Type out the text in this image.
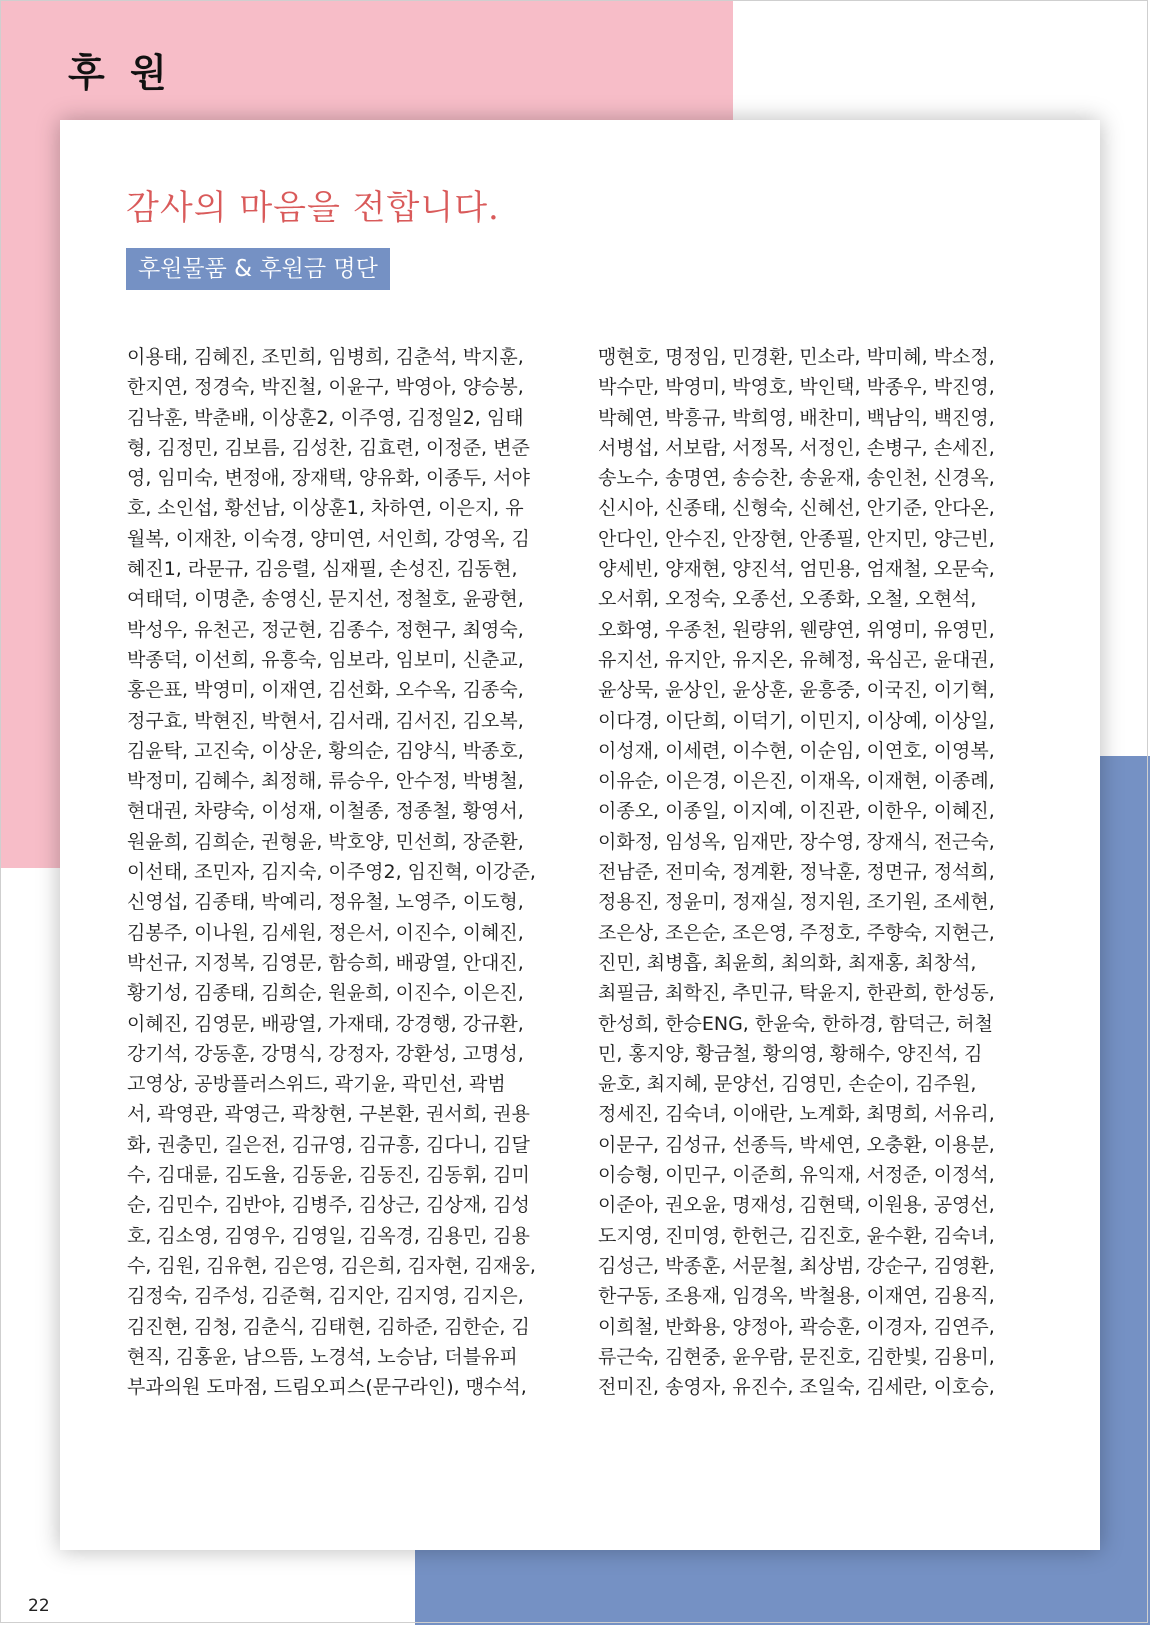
후 원
감사의 마음을 전합니다.
후원물품 & 후원금 명단
이용태, 김혜진, 조민희, 임병희, 김춘석, 박지훈,
한지연, 정경숙, 박진철, 이윤구, 박영아, 양승봉,
김낙훈, 박춘배, 이상훈2, 이주영, 김정일2, 임태
형, 김정민, 김보름, 김성찬, 김효련, 이정준, 변준
영, 임미숙, 변정애, 장재택, 양유화, 이종두, 서야
호, 소인섭, 황선남, 이상훈1, 차하연, 이은지, 유
월복, 이재찬, 이숙경, 양미연, 서인희, 강영옥, 김
혜진1, 라문규, 김응렬, 심재필, 손성진, 김동현,
여태덕, 이명춘, 송영신, 문지선, 정철호, 윤광현,
박성우, 유천곤, 정군현, 김종수, 정현구, 최영숙,
박종덕, 이선희, 유흥숙, 임보라, 임보미, 신춘교,
홍은표, 박영미, 이재연, 김선화, 오수옥, 김종숙,
정구효, 박현진, 박현서, 김서래, 김서진, 김오복,
김윤탁, 고진숙, 이상운, 황의순, 김양식, 박종호,
박정미, 김혜수, 최정해, 류승우, 안수정, 박병철,
현대권, 차량숙, 이성재, 이철종, 정종철, 황영서,
원윤희, 김희순, 권형윤, 박호양, 민선희, 장준환,
이선태, 조민자, 김지숙, 이주영2, 임진혁, 이강준,
신영섭, 김종태, 박예리, 정유철, 노영주, 이도형,
김봉주, 이나원, 김세원, 정은서, 이진수, 이혜진,
박선규, 지정복, 김영문, 함승희, 배광열, 안대진,
황기성, 김종태, 김희순, 원윤희, 이진수, 이은진,
이혜진, 김영문, 배광열, 가재태, 강경행, 강규환,
강기석, 강동훈, 강명식, 강정자, 강환성, 고명성,
고영상, 공방플러스위드, 곽기윤, 곽민선, 곽범
서, 곽영관, 곽영근, 곽창현, 구본환, 권서희, 권용
화, 권충민, 길은전, 김규영, 김규흥, 김다니, 김달
수, 김대륜, 김도율, 김동윤, 김동진, 김동휘, 김미
순, 김민수, 김반야, 김병주, 김상근, 김상재, 김성
호, 김소영, 김영우, 김영일, 김옥경, 김용민, 김용
수, 김원, 김유현, 김은영, 김은희, 김자현, 김재웅,
김정숙, 김주성, 김준혁, 김지안, 김지영, 김지은,
김진현, 김청, 김춘식, 김태현, 김하준, 김한순, 김
현직, 김홍윤, 남으뜸, 노경석, 노승남, 더블유피
부과의원 도마점, 드림오피스(문구라인), 맹수석,
맹현호, 명정임, 민경환, 민소라, 박미혜, 박소정,
박수만, 박영미, 박영호, 박인택, 박종우, 박진영,
박혜연, 박흥규, 박희영, 배찬미, 백남익, 백진영,
서병섭, 서보람, 서정목, 서정인, 손병구, 손세진,
송노수, 송명연, 송승찬, 송윤재, 송인천, 신경옥,
신시아, 신종태, 신형숙, 신혜선, 안기준, 안다온,
안다인, 안수진, 안장현, 안종필, 안지민, 양근빈,
양세빈, 양재현, 양진석, 엄민용, 엄재철, 오문숙,
오서휘, 오정숙, 오종선, 오종화, 오철, 오현석,
오화영, 우종천, 원량위, 웬량연, 위영미, 유영민,
유지선, 유지안, 유지온, 유혜정, 육심곤, 윤대권,
윤상묵, 윤상인, 윤상훈, 윤흥중, 이국진, 이기혁,
이다경, 이단희, 이덕기, 이민지, 이상예, 이상일,
이성재, 이세련, 이수현, 이순임, 이연호, 이영복,
이유순, 이은경, 이은진, 이재옥, 이재현, 이종례,
이종오, 이종일, 이지예, 이진관, 이한우, 이혜진,
이화정, 임성옥, 임재만, 장수영, 장재식, 전근숙,
전남준, 전미숙, 정계환, 정낙훈, 정면규, 정석희,
정용진, 정윤미, 정재실, 정지원, 조기원, 조세현,
조은상, 조은순, 조은영, 주정호, 주향숙, 지현근,
진민, 최병흡, 최윤희, 최의화, 최재홍, 최창석,
최필금, 최학진, 추민규, 탁윤지, 한관희, 한성동,
한성희, 한승ENG, 한윤숙, 한하경, 함덕근, 허철
민, 홍지양, 황금철, 황의영, 황해수, 양진석, 김
윤호, 최지혜, 문양선, 김영민, 손순이, 김주원,
정세진, 김숙녀, 이애란, 노계화, 최명희, 서유리,
이문구, 김성규, 선종득, 박세연, 오충환, 이용분,
이승형, 이민구, 이준희, 유익재, 서정준, 이정석,
이준아, 권오윤, 명재성, 김현택, 이원용, 공영선,
도지영, 진미영, 한헌근, 김진호, 윤수환, 김숙녀,
김성근, 박종훈, 서문철, 최상범, 강순구, 김영환,
한구동, 조용재, 임경옥, 박철용, 이재연, 김용직,
이희철, 반화용, 양정아, 곽승훈, 이경자, 김연주,
류근숙, 김현중, 윤우람, 문진호, 김한빛, 김용미,
전미진, 송영자, 유진수, 조일숙, 김세란, 이호승,
22
